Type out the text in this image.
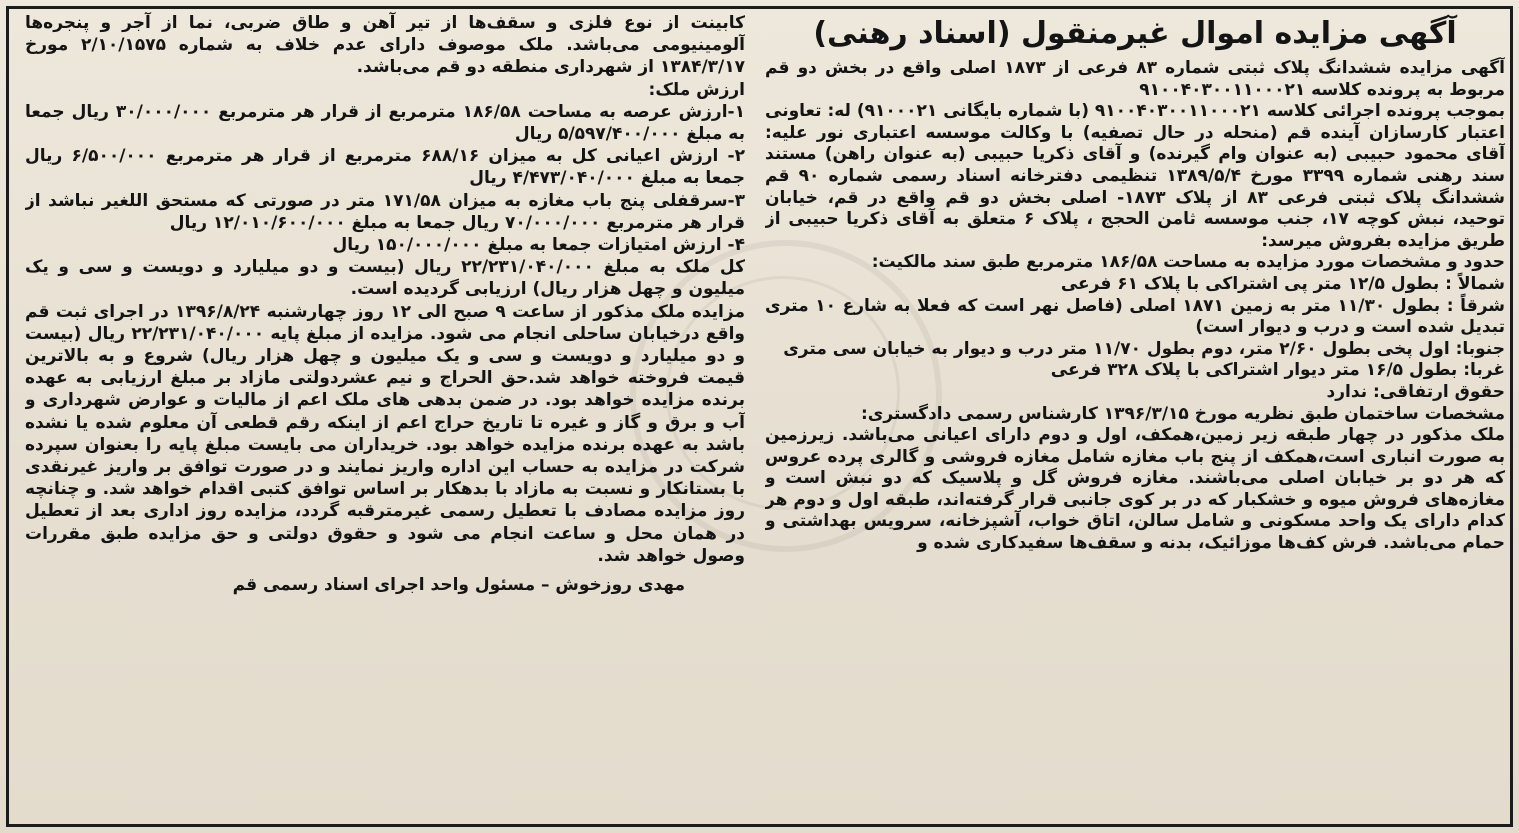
آگهی مزایده اموال غیرمنقول (اسناد رهنی)

آگهی مزایده ششدانگ پلاک ثبتی شماره ۸۳ فرعی از ۱۸۷۳ اصلی واقع در بخش دو قم مربوط به پرونده کلاسه ۹۱۰۰۴۰۳۰۰۱۱۰۰۰۲۱

بموجب پرونده اجرائی کلاسه ۹۱۰۰۴۰۳۰۰۱۱۰۰۰۲۱ (با شماره بایگانی ۹۱۰۰۰۲۱) له: تعاونی اعتبار کارسازان آینده قم (منحله در حال تصفیه) با وکالت موسسه اعتباری نور علیه: آقای محمود حبیبی (به عنوان وام گیرنده) و آقای ذکریا حبیبی (به عنوان راهن) مستند سند رهنی شماره ۳۳۹۹ مورخ ۱۳۸۹/۵/۴ تنظیمی دفترخانه اسناد رسمی شماره ۹۰ قم ششدانگ پلاک ثبتی فرعی ۸۳ از پلاک ۱۸۷۳- اصلی بخش دو قم واقع در قم، خیابان توحید، نبش کوچه ۱۷، جنب موسسه ثامن الحجج ، پلاک ۶ متعلق به آقای ذکریا حبیبی از طریق مزایده بفروش میرسد:

حدود و مشخصات مورد مزایده به مساحت ۱۸۶/۵۸ مترمربع طبق سند مالکیت:

شمالاً : بطول ۱۲/۵ متر پی اشتراکی با پلاک ۶۱ فرعی

شرقاً : بطول ۱۱/۳۰ متر به زمین ۱۸۷۱ اصلی (فاصل نهر است که فعلا به شارع ۱۰ متری تبدیل شده است و درب و دیوار است)

جنوبا: اول پخی بطول ۲/۶۰ متر، دوم بطول ۱۱/۷۰ متر درب و دیوار به خیابان سی متری

غربا: بطول ۱۶/۵ متر دیوار اشتراکی با پلاک ۳۲۸ فرعی

حقوق ارتفاقی: ندارد

مشخصات ساختمان طبق نظریه مورخ ۱۳۹۶/۳/۱۵ کارشناس رسمی دادگستری:

ملک مذکور در چهار طبقه زیر زمین،همکف، اول و دوم دارای اعیانی می‌باشد. زیرزمین به صورت انباری است،همکف از پنج باب مغازه شامل مغازه فروشی و گالری پرده عروس که هر دو بر خیابان اصلی می‌باشند. مغازه فروش گل و پلاسیک که دو نبش است و مغازه‌های فروش میوه و خشکبار که در بر کوی جانبی قرار گرفته‌اند، طبقه اول و دوم هر کدام دارای یک واحد مسکونی و شامل سالن، اتاق خواب، آشپزخانه، سرویس بهداشتی و حمام می‌باشد. فرش کف‌ها موزائیک، بدنه و سقف‌ها سفیدکاری شده و

کابینت از نوع فلزی و سقف‌ها از تیر آهن و طاق ضربی، نما از آجر و پنجره‌ها آلومینیومی می‌باشد. ملک موصوف دارای عدم خلاف به شماره ۲/۱۰/۱۵۷۵ مورخ ۱۳۸۴/۳/۱۷ از شهرداری منطقه دو قم می‌باشد.

ارزش ملک:

۱-ارزش عرصه به مساحت ۱۸۶/۵۸ مترمربع از قرار هر مترمربع ۳۰/۰۰۰/۰۰۰ ریال جمعا به مبلغ ۵/۵۹۷/۴۰۰/۰۰۰ ریال

۲- ارزش اعیانی کل به میزان ۶۸۸/۱۶ مترمربع از قرار هر مترمربع ۶/۵۰۰/۰۰۰ ریال جمعا به مبلغ ۴/۴۷۳/۰۴۰/۰۰۰ ریال

۳-سرقفلی پنج باب مغازه به میزان ۱۷۱/۵۸ متر در صورتی که مستحق اللغیر نباشد از قرار هر مترمربع ۷۰/۰۰۰/۰۰۰ ریال جمعا به مبلغ ۱۲/۰۱۰/۶۰۰/۰۰۰ ریال

۴- ارزش امتیازات جمعا به مبلغ ۱۵۰/۰۰۰/۰۰۰ ریال

کل ملک به مبلغ ۲۲/۲۳۱/۰۴۰/۰۰۰ ریال (بیست و دو میلیارد و دویست و سی و یک میلیون و چهل هزار ریال) ارزیابی گردیده است.

مزایده ملک مذکور از ساعت ۹ صبح الی ۱۲ روز چهارشنبه ۱۳۹۶/۸/۲۴ در اجرای ثبت قم واقع درخیابان ساحلی انجام می شود. مزایده از مبلغ پایه ۲۲/۲۳۱/۰۴۰/۰۰۰ ریال (بیست و دو میلیارد و دویست و سی و یک میلیون و چهل هزار ریال) شروع و به بالاترین قیمت فروخته خواهد شد.حق الحراج و نیم عشردولتی مازاد بر مبلغ ارزیابی به عهده برنده مزایده خواهد بود. در ضمن بدهی های ملک اعم از مالیات و عوارض شهرداری و آب و برق و گاز و غیره تا تاریخ حراج اعم از اینکه رقم قطعی آن معلوم شده یا نشده باشد به عهده برنده مزایده خواهد بود. خریداران می بایست مبلغ پایه را بعنوان سپرده شرکت در مزایده به حساب این اداره واریز نمایند و در صورت توافق بر واریز غیرنقدی با بستانکار و نسبت به مازاد با بدهکار بر اساس توافق کتبی اقدام خواهد شد. و چنانچه روز مزایده مصادف با تعطیل رسمی غیرمترقبه گردد، مزایده روز اداری بعد از تعطیل در همان محل و ساعت انجام می شود و حقوق دولتی و حق مزایده طبق مقررات وصول خواهد شد.

مهدی روزخوش – مسئول واحد اجرای اسناد رسمی قم
